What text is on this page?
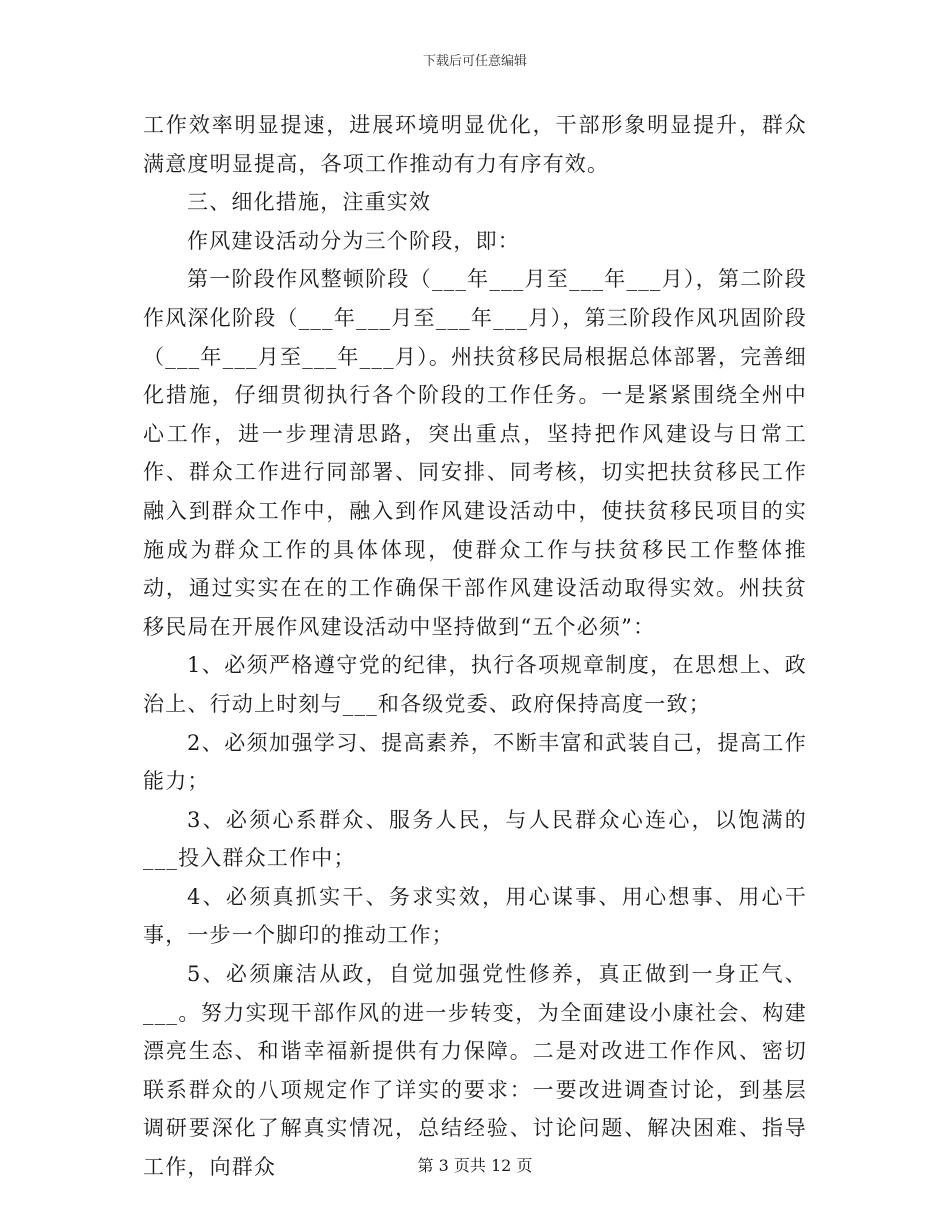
下载后可任意编辑

工作效率明显提速，进展环境明显优化，干部形象明显提升，群众满意度明显提高，各项工作推动有力有序有效。

三、细化措施，注重实效

作风建设活动分为三个阶段，即：

第一阶段作风整顿阶段（___年___月至___年___月），第二阶段作风深化阶段（___年___月至___年___月），第三阶段作风巩固阶段（___年___月至___年___月）。州扶贫移民局根据总体部署，完善细化措施，仔细贯彻执行各个阶段的工作任务。一是紧紧围绕全州中心工作，进一步理清思路，突出重点，坚持把作风建设与日常工作、群众工作进行同部署、同安排、同考核，切实把扶贫移民工作融入到群众工作中，融入到作风建设活动中，使扶贫移民项目的实施成为群众工作的具体体现，使群众工作与扶贫移民工作整体推动，通过实实在在的工作确保干部作风建设活动取得实效。州扶贫移民局在开展作风建设活动中坚持做到“五个必须”：

1、必须严格遵守党的纪律，执行各项规章制度，在思想上、政治上、行动上时刻与___和各级党委、政府保持高度一致；

2、必须加强学习、提高素养，不断丰富和武装自己，提高工作能力；

3、必须心系群众、服务人民，与人民群众心连心，以饱满的___投入群众工作中；

4、必须真抓实干、务求实效，用心谋事、用心想事、用心干事，一步一个脚印的推动工作；

5、必须廉洁从政，自觉加强党性修养，真正做到一身正气、___。努力实现干部作风的进一步转变，为全面建设小康社会、构建漂亮生态、和谐幸福新提供有力保障。二是对改进工作作风、密切联系群众的八项规定作了详实的要求：一要改进调查讨论，到基层调研要深化了解真实情况，总结经验、讨论问题、解决困难、指导工作，向群众	第 3 页共 12 页
